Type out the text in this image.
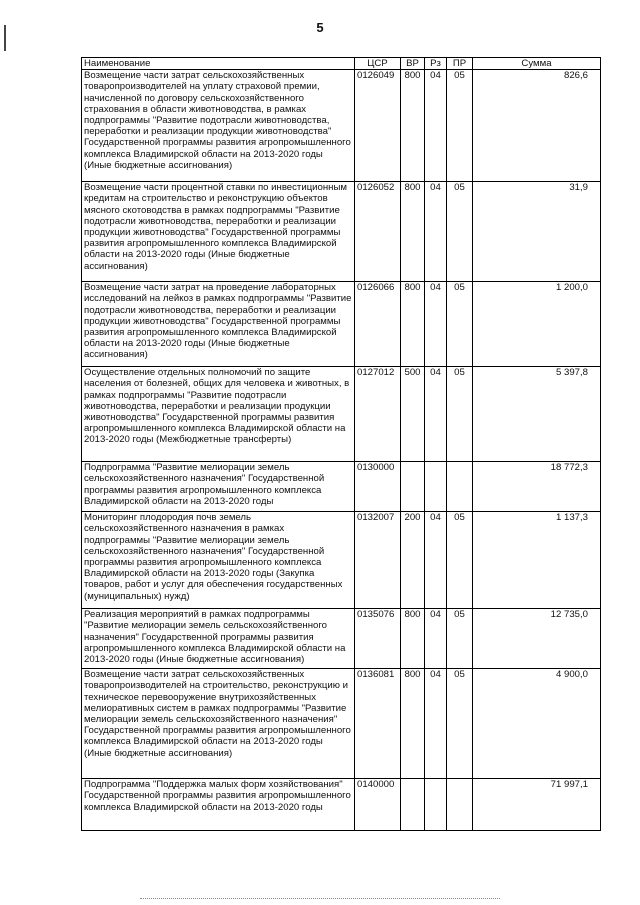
5
Наименование	ЦСР	ВР	Рз	ПР	Сумма
Возмещение части затрат сельскохозяйственных товаропроизводителей на уплату страховой премии, начисленной по договору сельскохозяйственного страхования в области животноводства, в рамках подпрограммы "Развитие подотрасли животноводства, переработки и реализации продукции животноводства" Государственной программы развития агропромышленного комплекса Владимирской области на 2013-2020 годы (Иные бюджетные ассигнования)	0126049	800	04	05	826,6
Возмещение части процентной ставки по инвестиционным кредитам на строительство и реконструкцию объектов мясного скотоводства в рамках подпрограммы "Развитие подотрасли животноводства, переработки и реализации продукции животноводства" Государственной программы развития агропромышленного комплекса Владимирской области на 2013-2020 годы (Иные бюджетные ассигнования)	0126052	800	04	05	31,9
Возмещение части затрат на проведение лабораторных исследований на лейкоз в рамках подпрограммы "Развитие подотрасли животноводства, переработки и реализации продукции животноводства" Государственной программы развития агропромышленного комплекса Владимирской области на 2013-2020 годы (Иные бюджетные ассигнования)	0126066	800	04	05	1 200,0
Осуществление отдельных полномочий по защите населения от болезней, общих для человека и животных, в рамках подпрограммы "Развитие подотрасли животноводства, переработки и реализации продукции животноводства" Государственной программы развития агропромышленного комплекса Владимирской области на 2013-2020 годы (Межбюджетные трансферты)	0127012	500	04	05	5 397,8
Подпрограмма "Развитие мелиорации земель сельскохозяйственного назначения" Государственной программы развития агропромышленного комплекса Владимирской области на 2013-2020 годы	0130000				18 772,3
Мониторинг плодородия почв земель сельскохозяйственного назначения в рамках подпрограммы "Развитие мелиорации земель сельскохозяйственного назначения" Государственной программы развития агропромышленного комплекса Владимирской области на 2013-2020 годы (Закупка товаров, работ и услуг для обеспечения государственных (муниципальных) нужд)	0132007	200	04	05	1 137,3
Реализация мероприятий в рамках подпрограммы "Развитие мелиорации земель сельскохозяйственного назначения" Государственной программы развития агропромышленного комплекса Владимирской области на 2013-2020 годы (Иные бюджетные ассигнования)	0135076	800	04	05	12 735,0
Возмещение части затрат сельскохозяйственных товаропроизводителей на строительство, реконструкцию и техническое перевооружение внутрихозяйственных мелиоративных систем в рамках подпрограммы "Развитие мелиорации земель сельскохозяйственного назначения" Государственной программы развития агропромышленного комплекса Владимирской области на 2013-2020 годы (Иные бюджетные ассигнования)	0136081	800	04	05	4 900,0
Подпрограмма "Поддержка малых форм хозяйствования" Государственной программы развития агропромышленного комплекса Владимирской области на 2013-2020 годы	0140000				71 997,1
